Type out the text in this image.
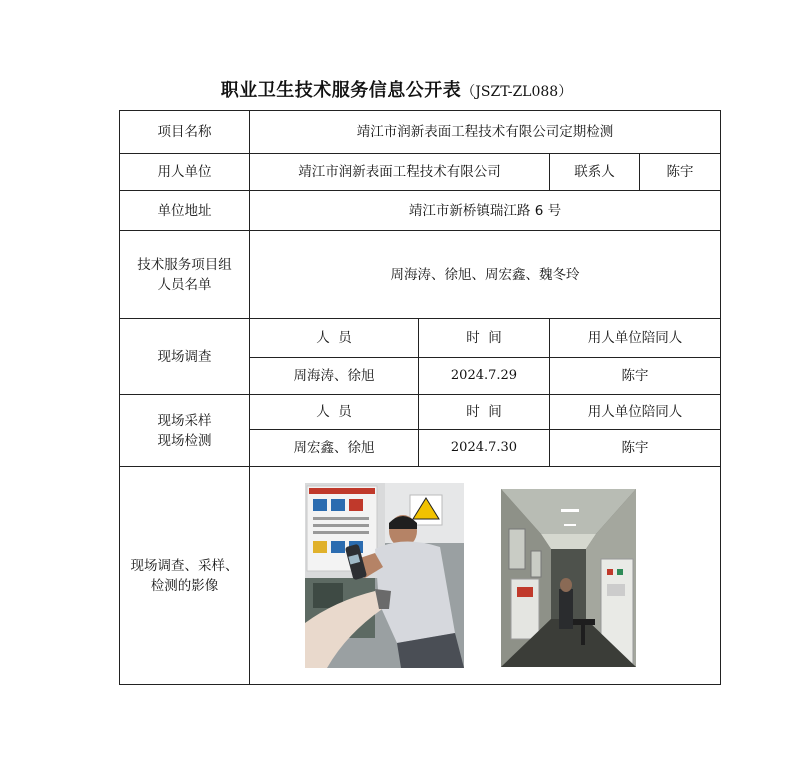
职业卫生技术服务信息公开表（JSZT-ZL088）
项目名称	靖江市润新表面工程技术有限公司定期检测			
用人单位	靖江市润新表面工程技术有限公司		联系人	陈宇
单位地址	靖江市新桥镇瑞江路 6 号			

技术服务项目组
人员名单	周海涛、徐旭、周宏鑫、魏冬玲			
现场调查	人  员	时  间	用人单位陪同人	
	周海涛、徐旭	2024.7.29	陈宇	

现场采样
现场检测	人  员	时  间	用人单位陪同人	
	周宏鑫、徐旭	2024.7.30	陈宇	

现场调查、采样、
检测的影像				
